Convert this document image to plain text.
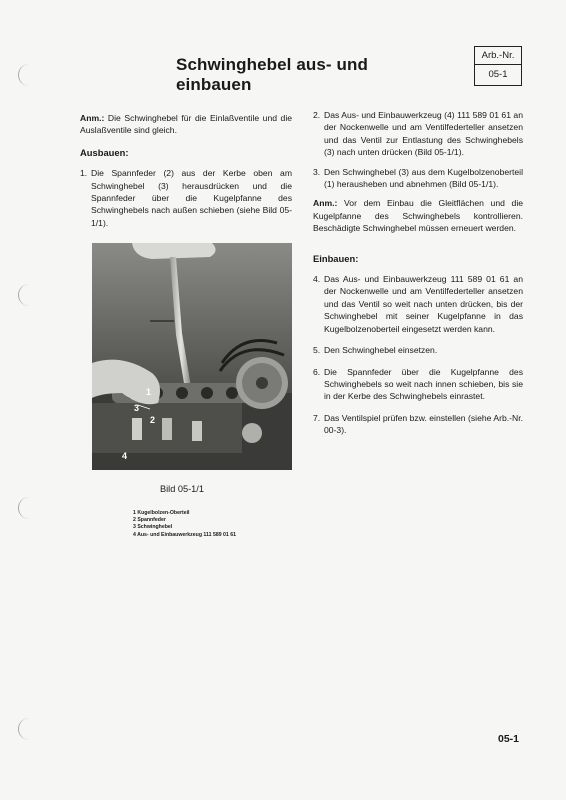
Schwinghebel aus- und einbauen
Arb.-Nr.
05-1

Anm.: Die Schwinghebel für die Einlaßventile und die Auslaßventile sind gleich.

Ausbauen:

1. Die Spannfeder (2) aus der Kerbe oben am Schwinghebel (3) herausdrücken und die Spannfeder über die Kugelpfanne des Schwinghebels nach außen schieben (siehe Bild 05-1/1).
1
2
3
4
Bild 05-1/1
1 Kugelbolzen-Oberteil
2 Spannfeder
3 Schwinghebel
4 Aus- und Einbauwerkzeug 111 589 01 61
2. Das Aus- und Einbauwerkzeug (4) 111 589 01 61 an der Nockenwelle und am Ventilfederteller ansetzen und das Ventil zur Entlastung des Schwinghebels (3) nach unten drücken (Bild 05-1/1).
3. Den Schwinghebel (3) aus dem Kugelbolzenoberteil (1) herausheben und abnehmen (Bild 05-1/1).

Anm.: Vor dem Einbau die Gleitflächen und die Kugelpfanne des Schwinghebels kontrollieren. Beschädigte Schwinghebel müssen erneuert werden.

Einbauen:

4. Das Aus- und Einbauwerkzeug 111 589 01 61 an der Nockenwelle und am Ventilfederteller ansetzen und das Ventil so weit nach unten drücken, bis der Schwinghebel mit seiner Kugelpfanne in das Kugelbolzenoberteil eingesetzt werden kann.
5. Den Schwinghebel einsetzen.
6. Die Spannfeder über die Kugelpfanne des Schwinghebels so weit nach innen schieben, bis sie in der Kerbe des Schwinghebels einrastet.
7. Das Ventilspiel prüfen bzw. einstellen (siehe Arb.-Nr. 00-3).
05-1
